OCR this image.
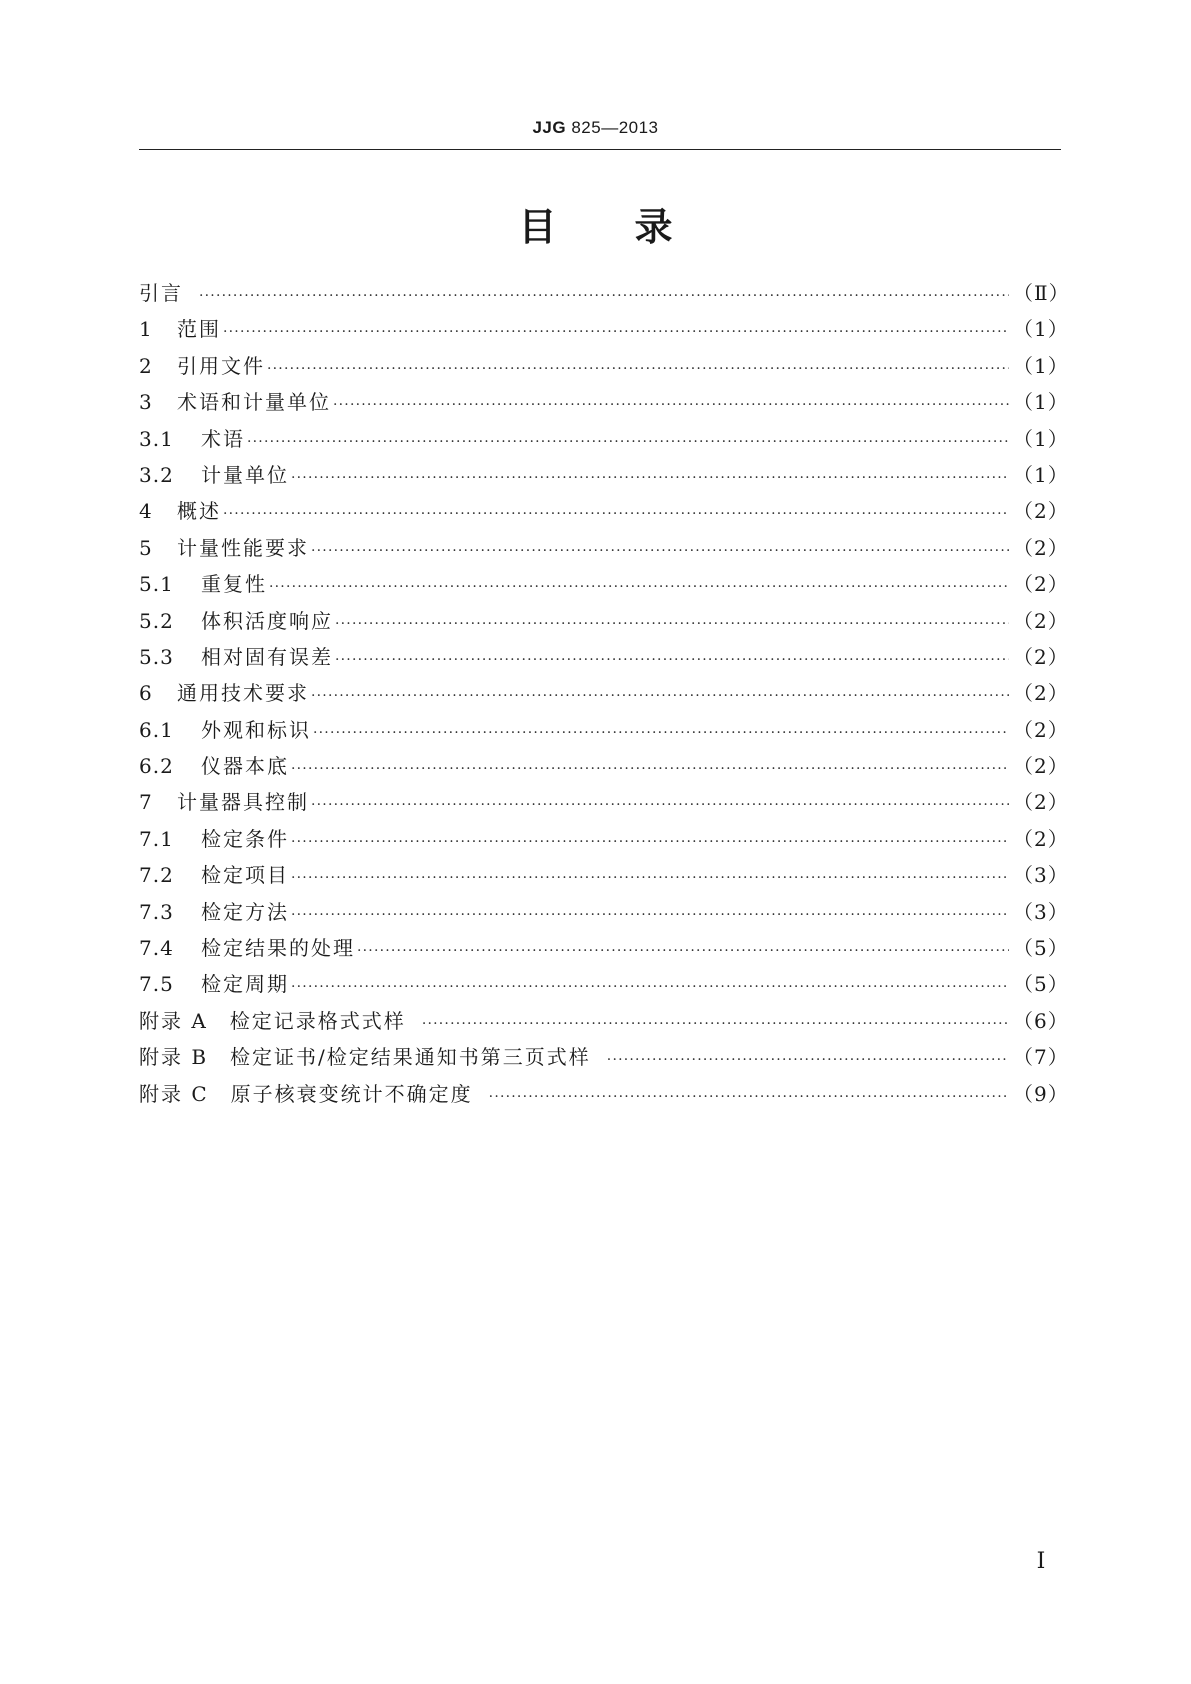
JJG 825—2013
目录
引言 ·····	（Ⅱ）
1	范围 ·····	（1）
2	引用文件 ·····	（1）
3	术语和计量单位 ·····	（1）
3.1	术语 ·····	（1）
3.2	计量单位 ·····	（1）
4	概述 ·····	（2）
5	计量性能要求 ·····	（2）
5.1	重复性 ·····	（2）
5.2	体积活度响应 ·····	（2）
5.3	相对固有误差 ·····	（2）
6	通用技术要求 ·····	（2）
6.1	外观和标识 ·····	（2）
6.2	仪器本底 ·····	（2）
7	计量器具控制 ·····	（2）
7.1	检定条件 ·····	（2）
7.2	检定项目 ·····	（3）
7.3	检定方法 ·····	（3）
7.4	检定结果的处理 ·····	（5）
7.5	检定周期 ·····	（5）
附录 A　检定记录格式式样 ·····	（6）
附录 B　检定证书/检定结果通知书第三页式样 ·····	（7）
附录 C　原子核衰变统计不确定度 ·····	（9）
Ⅰ
